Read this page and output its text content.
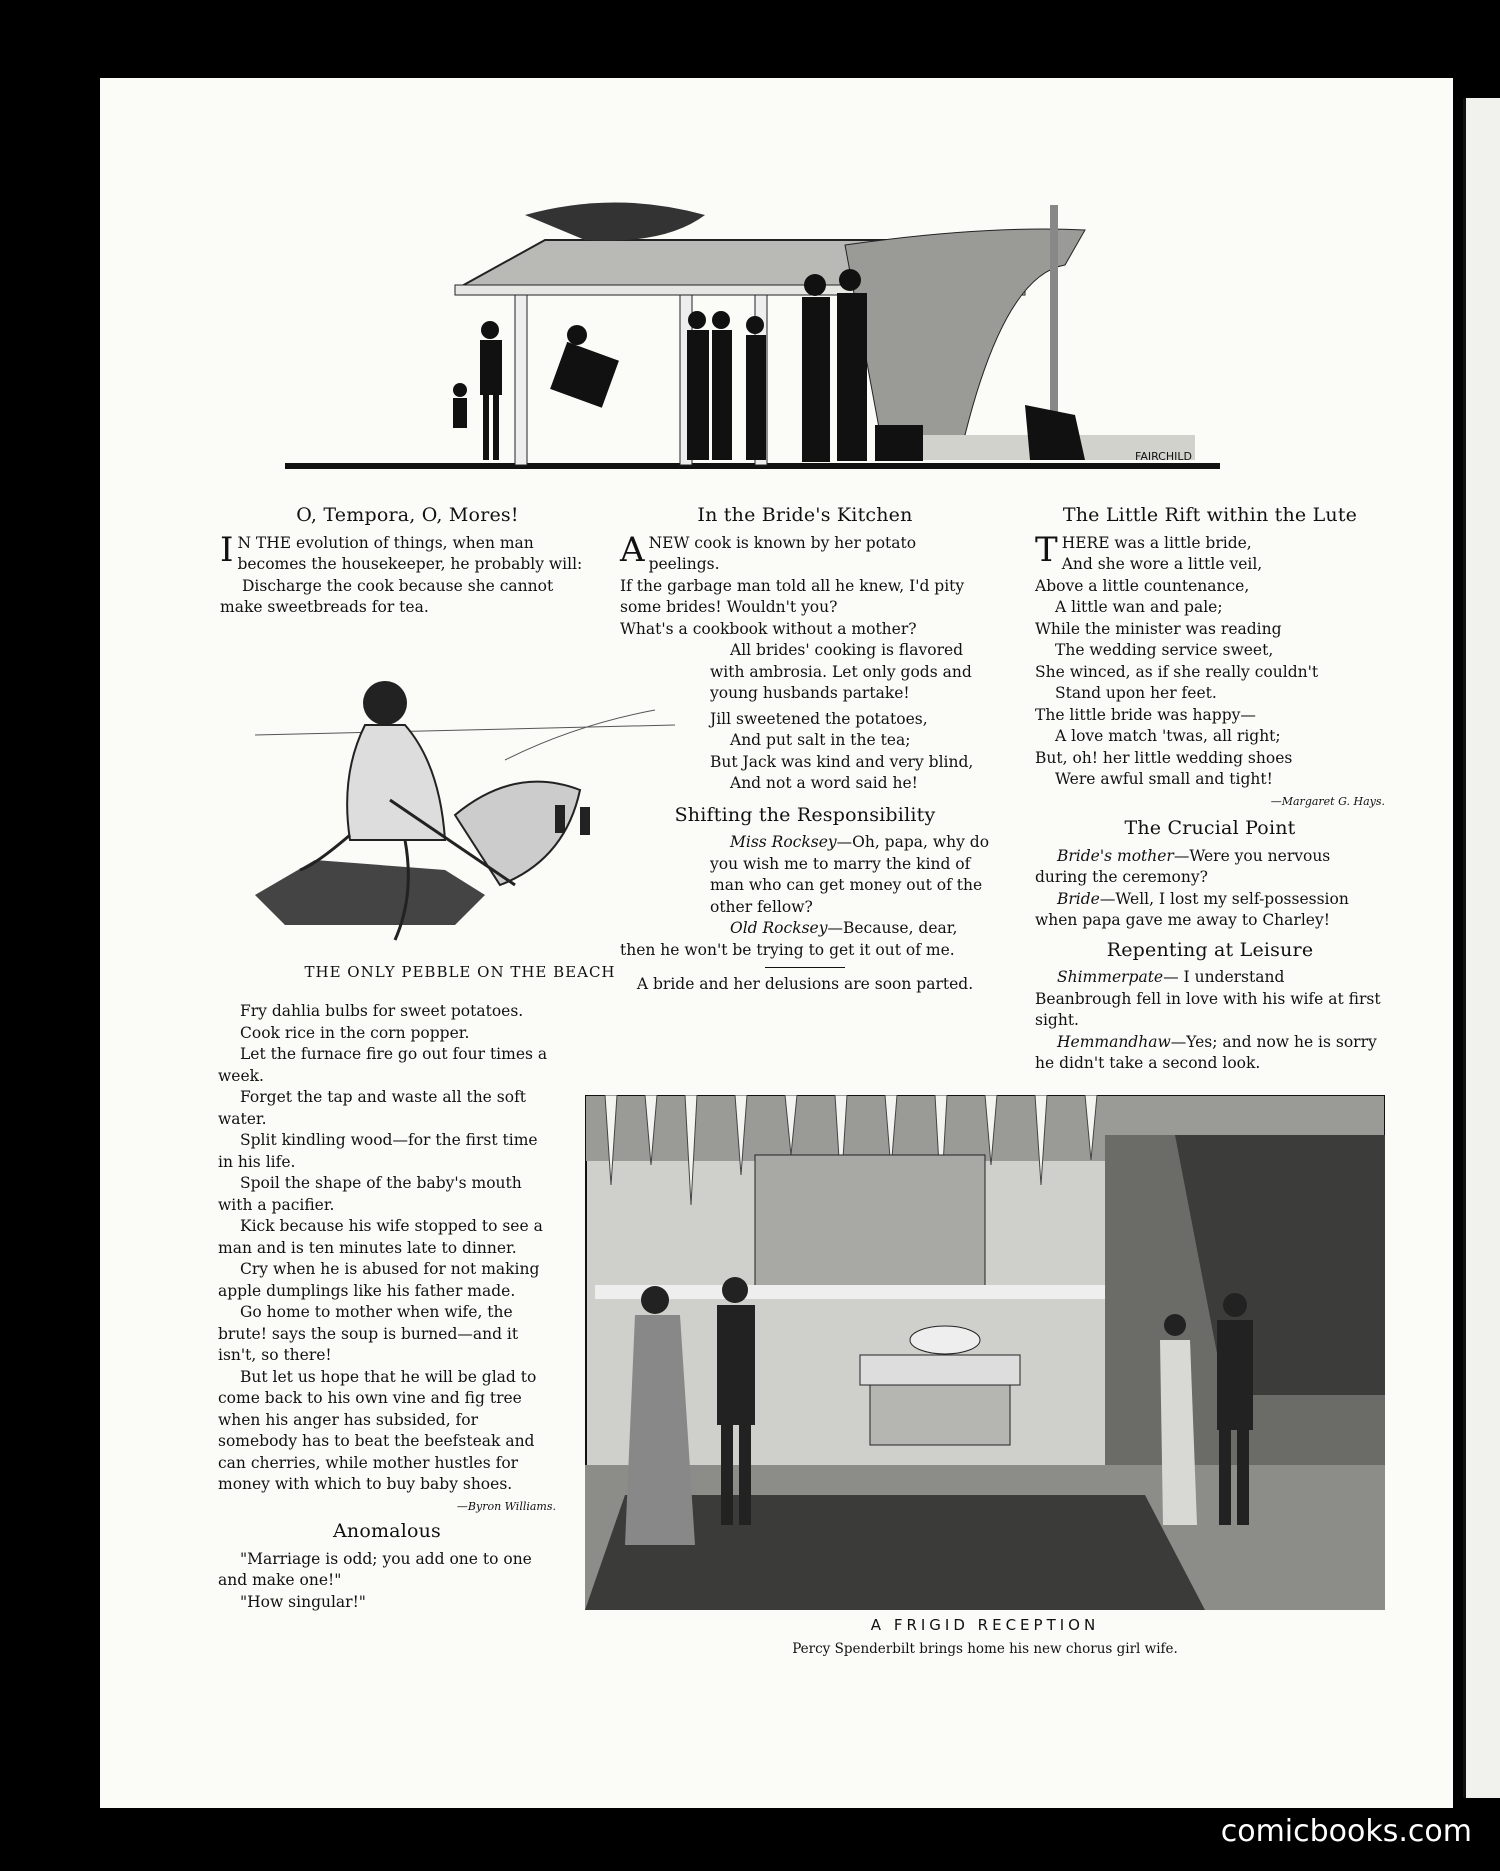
FAIRCHILD
O, Tempora, O, Mores!

I N THE evolution of things, when man becomes the housekeeper, he probably will:

Discharge the cook because she cannot make sweetbreads for tea.

THE ONLY PEBBLE ON THE BEACH

Fry dahlia bulbs for sweet potatoes.

Cook rice in the corn popper.

Let the furnace fire go out four times a week.

Forget the tap and waste all the soft water.

Split kindling wood—for the first time in his life.

Spoil the shape of the baby's mouth with a pacifier.

Kick because his wife stopped to see a man and is ten minutes late to dinner.

Cry when he is abused for not making apple dumplings like his father made.

Go home to mother when wife, the brute! says the soup is burned—and it isn't, so there!

But let us hope that he will be glad to come back to his own vine and fig tree when his anger has subsided, for somebody has to beat the beefsteak and can cherries, while mother hustles for money with which to buy baby shoes.

—Byron Williams.

Anomalous

"Marriage is odd; you add one to one and make one!"

"How singular!"

In the Bride's Kitchen

ANEW cook is known by her potato peelings.

If the garbage man told all he knew, I'd pity some brides! Wouldn't you?

What's a cookbook without a mother?

All brides' cooking is flavored with ambrosia. Let only gods and young husbands partake!

Jill sweetened the potatoes,

And put salt in the tea;

But Jack was kind and very blind,

And not a word said he!

Shifting the Responsibility

Miss Rocksey—Oh, papa, why do you wish me to marry the kind of man who can get money out of the other fellow?

Old Rocksey—Because, dear, then he won't be trying to get it out of me.

A bride and her delusions are soon parted.

The Little Rift within the Lute

THERE was a little bride,

And she wore a little veil,

Above a little countenance,

A little wan and pale;

While the minister was reading

The wedding service sweet,

She winced, as if she really couldn't

Stand upon her feet.

The little bride was happy—

A love match 'twas, all right;

But, oh! her little wedding shoes

Were awful small and tight!

—Margaret G. Hays.

The Crucial Point

Bride's mother—Were you nervous during the ceremony?

Bride—Well, I lost my self-possession when papa gave me away to Charley!

Repenting at Leisure

Shimmerpate— I understand Beanbrough fell in love with his wife at first sight.

Hemmandhaw—Yes; and now he is sorry he didn't take a second look.

A FRIGID RECEPTION
Percy Spenderbilt brings home his new chorus girl wife.
comicbooks.com
